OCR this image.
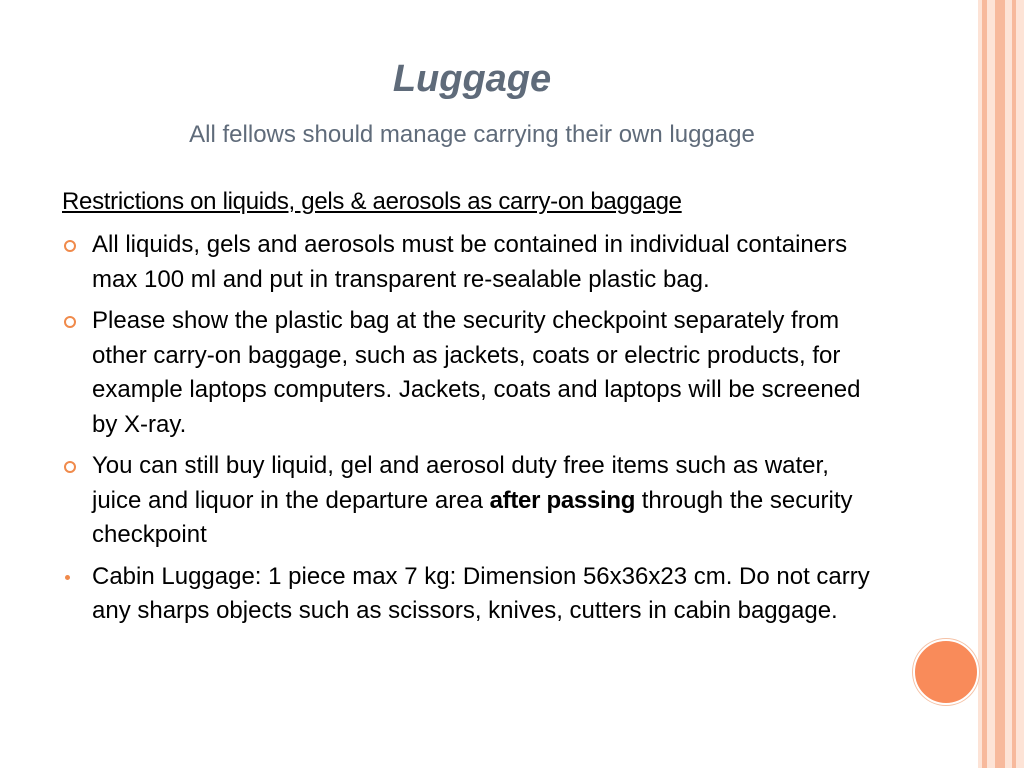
Luggage
All fellows should manage carrying their own luggage
Restrictions on liquids, gels & aerosols as carry-on baggage
All liquids, gels and aerosols must be contained in individual containers max 100 ml and put in transparent re-sealable plastic bag.
Please show the plastic bag at the security checkpoint separately from other carry-on baggage, such as jackets, coats or electric products, for example laptops computers. Jackets, coats and laptops will be screened by X-ray.
You can still buy liquid, gel and aerosol duty free items such as water, juice and liquor in the departure area after passing through the security checkpoint
Cabin Luggage: 1 piece max 7 kg: Dimension 56x36x23 cm. Do not carry any sharps objects such as scissors, knives, cutters in cabin baggage.
